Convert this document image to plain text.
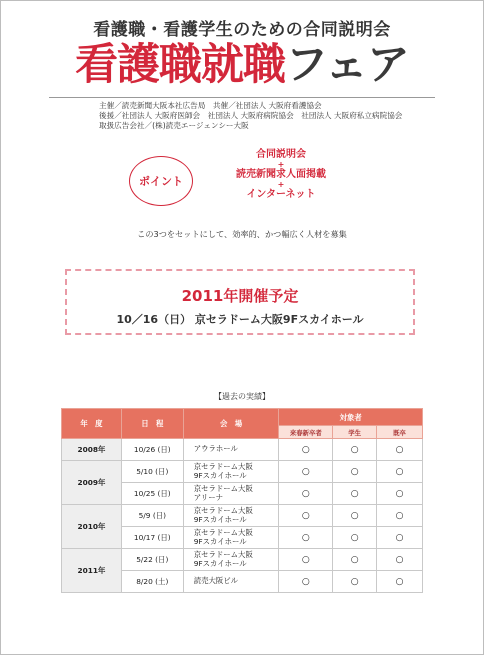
看護職・看護学生のための合同説明会
看護職就職フェア
主催／読売新聞大阪本社広告局　共催／社団法人 大阪府看護協会
後援／社団法人 大阪府医師会　社団法人 大阪府病院協会　社団法人 大阪府私立病院協会
取扱広告会社／(株)読売エージェンシー大阪
ポイント
合同説明会
+
読売新聞求人面掲載
+
インターネット
この3つをセットにして、効率的、かつ幅広く人材を募集
2011年開催予定
10／16（日） 京セラドーム大阪9Fスカイホール
【過去の実績】
年　度	日　程	会　場	対象者		
			来春新卒者	学生	既卒
2008年	10/26 (日)	アウラホール	○	○	○
2009年	5/10 (日)	京セラドーム大阪
9Fスカイホール	○	○	○
	10/25 (日)	京セラドーム大阪
アリーナ	○	○	○
2010年	5/9 (日)	京セラドーム大阪
9Fスカイホール	○	○	○
	10/17 (日)	京セラドーム大阪
9Fスカイホール	○	○	○
2011年	5/22 (日)	京セラドーム大阪
9Fスカイホール	○	○	○
	8/20 (土)	読売大阪ビル	○	○	○
